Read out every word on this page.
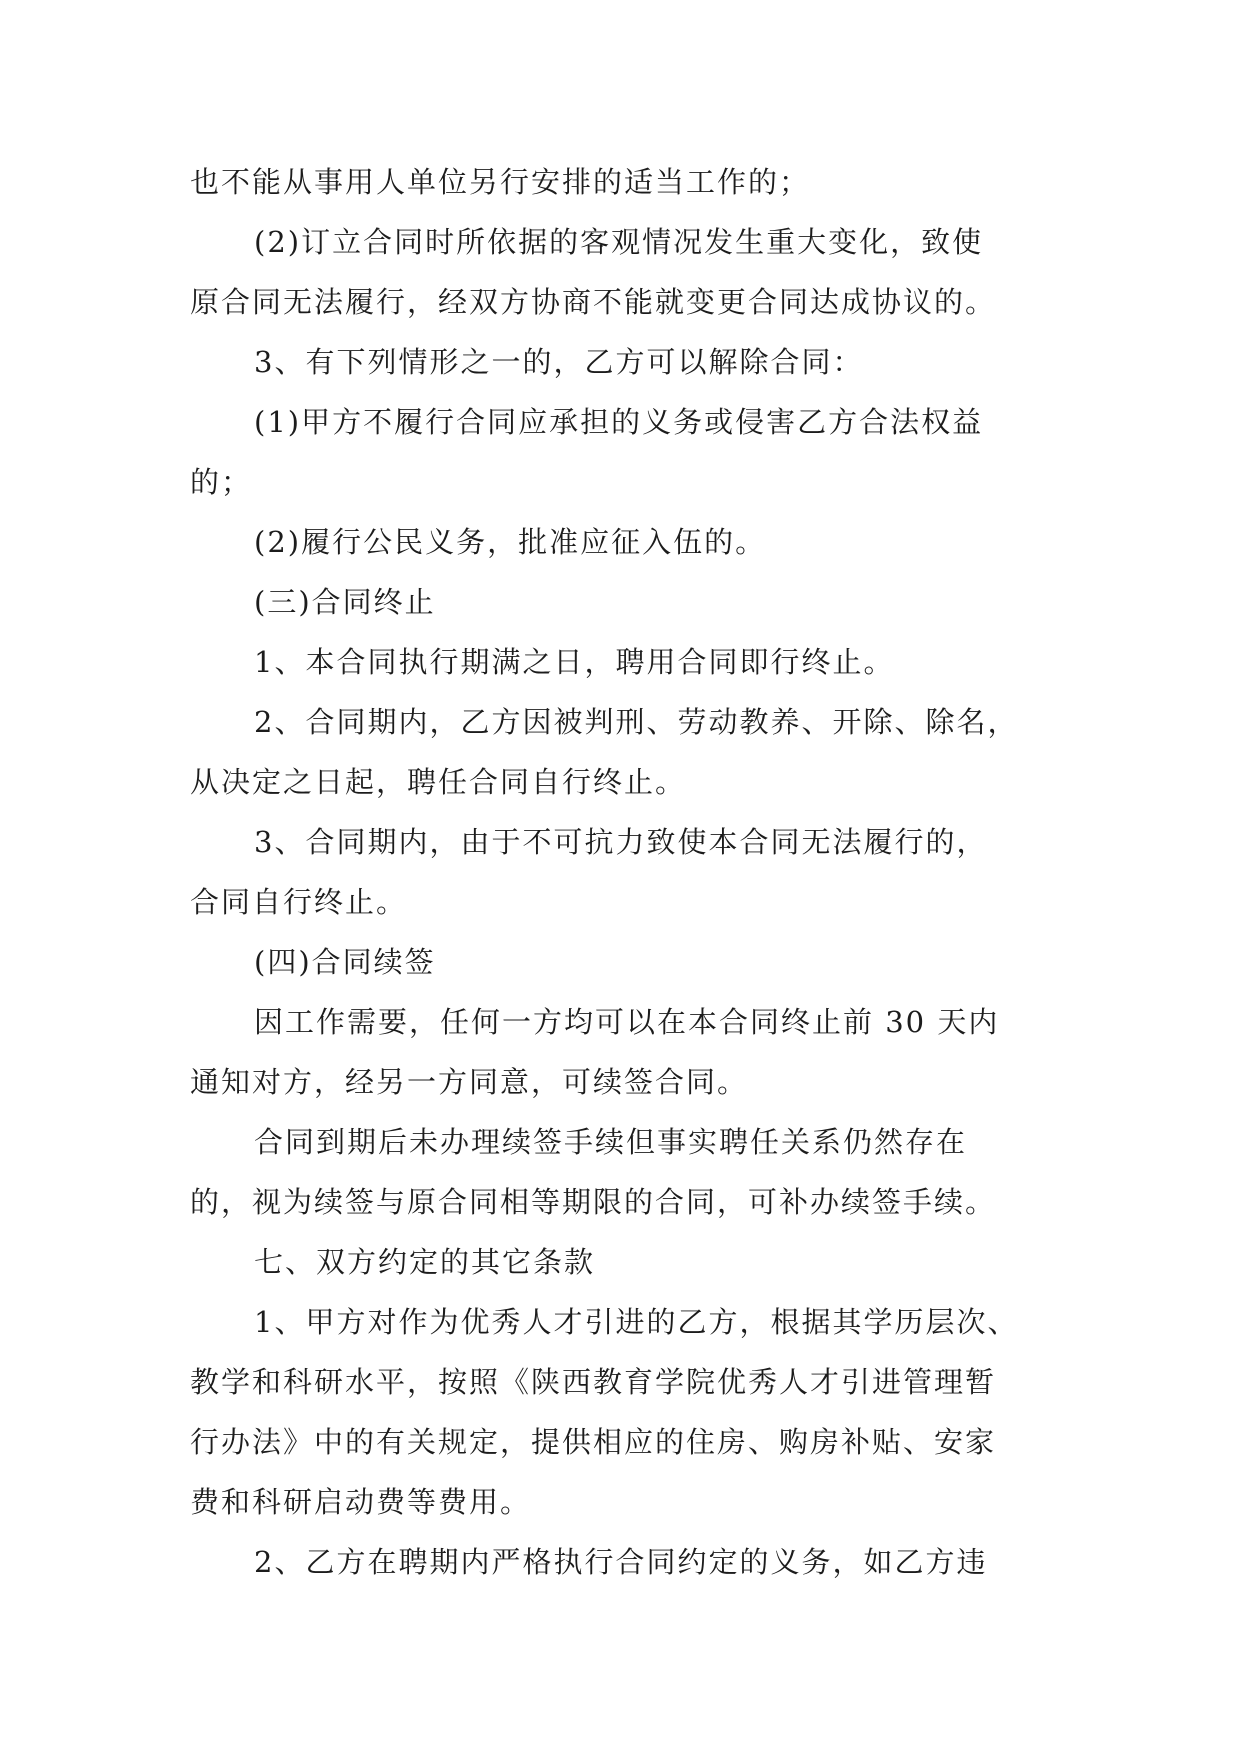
也不能从事用人单位另行安排的适当工作的；
(2)订立合同时所依据的客观情况发生重大变化，致使
原合同无法履行，经双方协商不能就变更合同达成协议的。
3、有下列情形之一的，乙方可以解除合同：
(1)甲方不履行合同应承担的义务或侵害乙方合法权益
的；
(2)履行公民义务，批准应征入伍的。
(三)合同终止
1、本合同执行期满之日，聘用合同即行终止。
2、合同期内，乙方因被判刑、劳动教养、开除、除名，
从决定之日起，聘任合同自行终止。
3、合同期内，由于不可抗力致使本合同无法履行的，
合同自行终止。
(四)合同续签
因工作需要，任何一方均可以在本合同终止前 30 天内
通知对方，经另一方同意，可续签合同。
合同到期后未办理续签手续但事实聘任关系仍然存在
的，视为续签与原合同相等期限的合同，可补办续签手续。
七、双方约定的其它条款
1、甲方对作为优秀人才引进的乙方，根据其学历层次、
教学和科研水平，按照《陕西教育学院优秀人才引进管理暂
行办法》中的有关规定，提供相应的住房、购房补贴、安家
费和科研启动费等费用。
2、乙方在聘期内严格执行合同约定的义务，如乙方违
